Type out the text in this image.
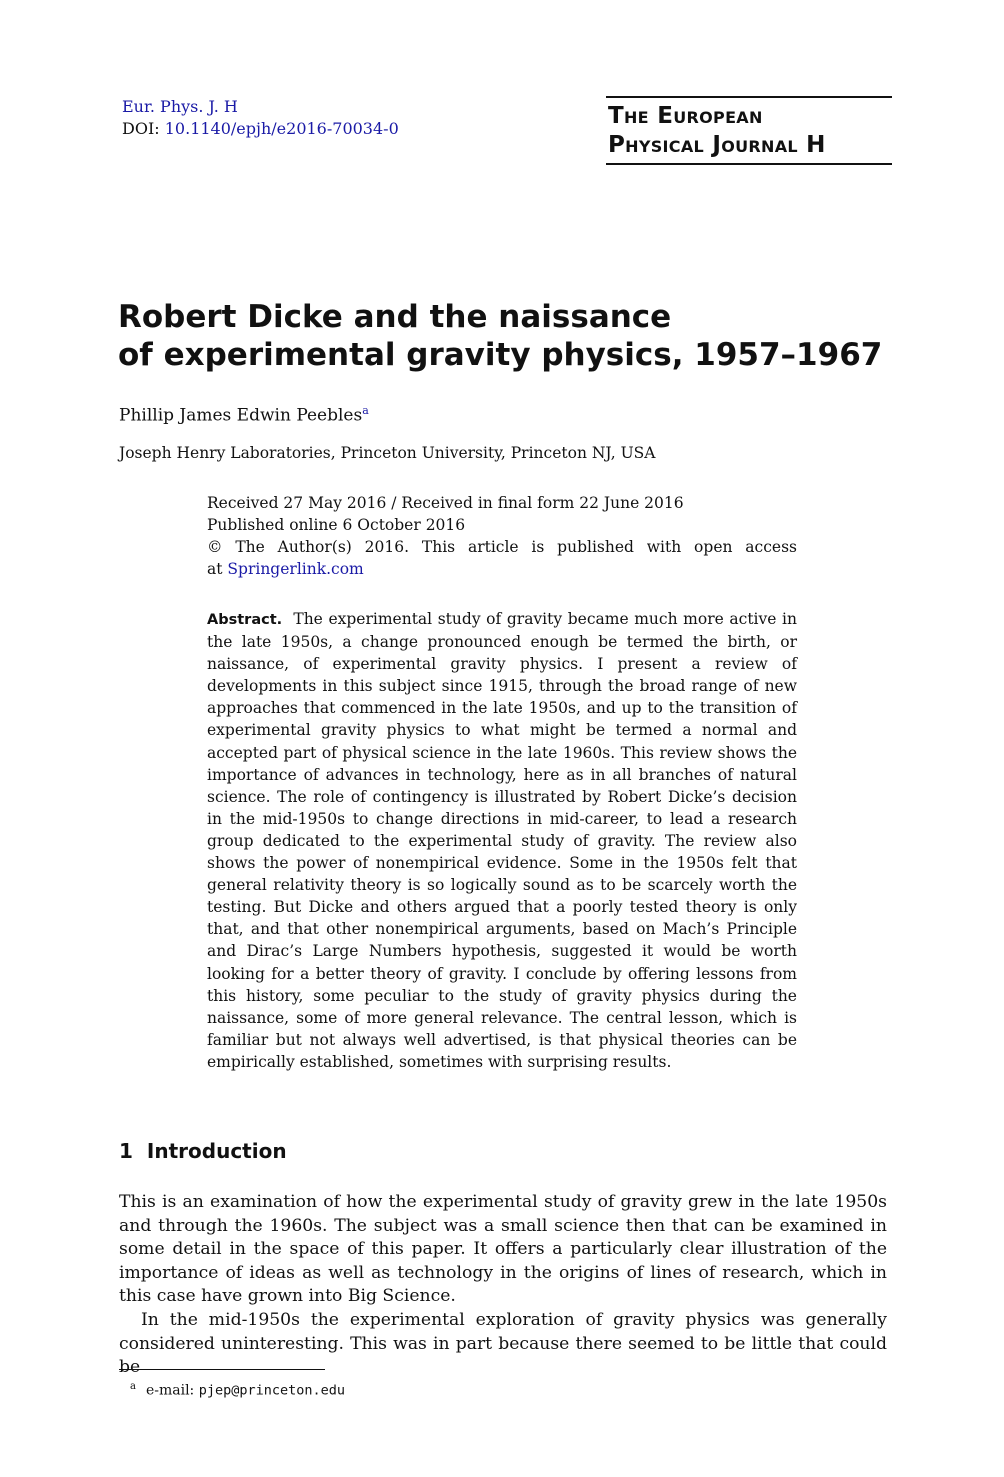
Eur. Phys. J. H
DOI: 10.1140/epjh/e2016-70034-0	The European
Physical Journal H
Robert Dicke and the naissance
of experimental gravity physics, 1957–1967
Phillip James Edwin Peebles$^a$
Joseph Henry Laboratories, Princeton University, Princeton NJ, USA
Received 27 May 2016 / Received in final form 22 June 2016
Published online 6 October 2016
© The Author(s) 2016. This article is published with open access
at Springerlink.com

Abstract. The experimental study of gravity became much more active in the late 1950s, a change pronounced enough be termed the birth, or naissance, of experimental gravity physics. I present a review of developments in this subject since 1915, through the broad range of new approaches that commenced in the late 1950s, and up to the transition of experimental gravity physics to what might be termed a normal and accepted part of physical science in the late 1960s. This review shows the importance of advances in technology, here as in all branches of natural science. The role of contingency is illustrated by Robert Dicke’s decision in the mid-1950s to change directions in mid-career, to lead a research group dedicated to the experimental study of gravity. The review also shows the power of nonempirical evidence. Some in the 1950s felt that general relativity theory is so logically sound as to be scarcely worth the testing. But Dicke and others argued that a poorly tested theory is only that, and that other nonempirical arguments, based on Mach’s Principle and Dirac’s Large Numbers hypothesis, suggested it would be worth looking for a better theory of gravity. I conclude by offering lessons from this history, some peculiar to the study of gravity physics during the naissance, some of more general relevance. The central lesson, which is familiar but not always well advertised, is that physical theories can be empirically established, sometimes with surprising results.

1 Introduction

This is an examination of how the experimental study of gravity grew in the late 1950s and through the 1960s. The subject was a small science then that can be examined in some detail in the space of this paper. It offers a particularly clear illustration of the importance of ideas as well as technology in the origins of lines of research, which in this case have grown into Big Science.

In the mid-1950s the experimental exploration of gravity physics was generally considered uninteresting. This was in part because there seemed to be little that could be

$^a$ e-mail: pjep@princeton.edu
